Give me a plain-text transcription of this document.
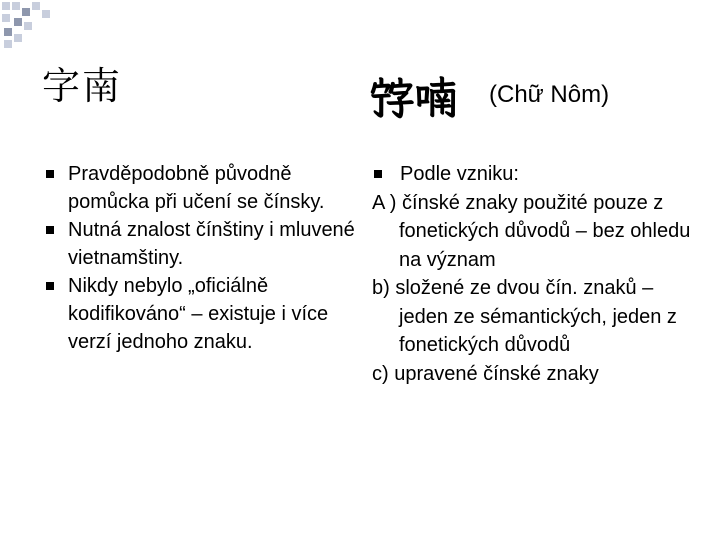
字南	𡨸喃 (Chữ Nôm)

Pravděpodobně původně pomůcka při učení se čínsky.

Nutná znalost čínštiny i mluvené vietnamštiny.

Nikdy nebylo „oficiálně kodifikováno“ – existuje i více verzí jednoho znaku.

Podle vzniku:

A ) čínské znaky použité pouze z fonetických důvodů – bez ohledu na význam

b) složené ze dvou čín. znaků – jeden ze sémantických, jeden z fonetických důvodů

c) upravené čínské znaky
